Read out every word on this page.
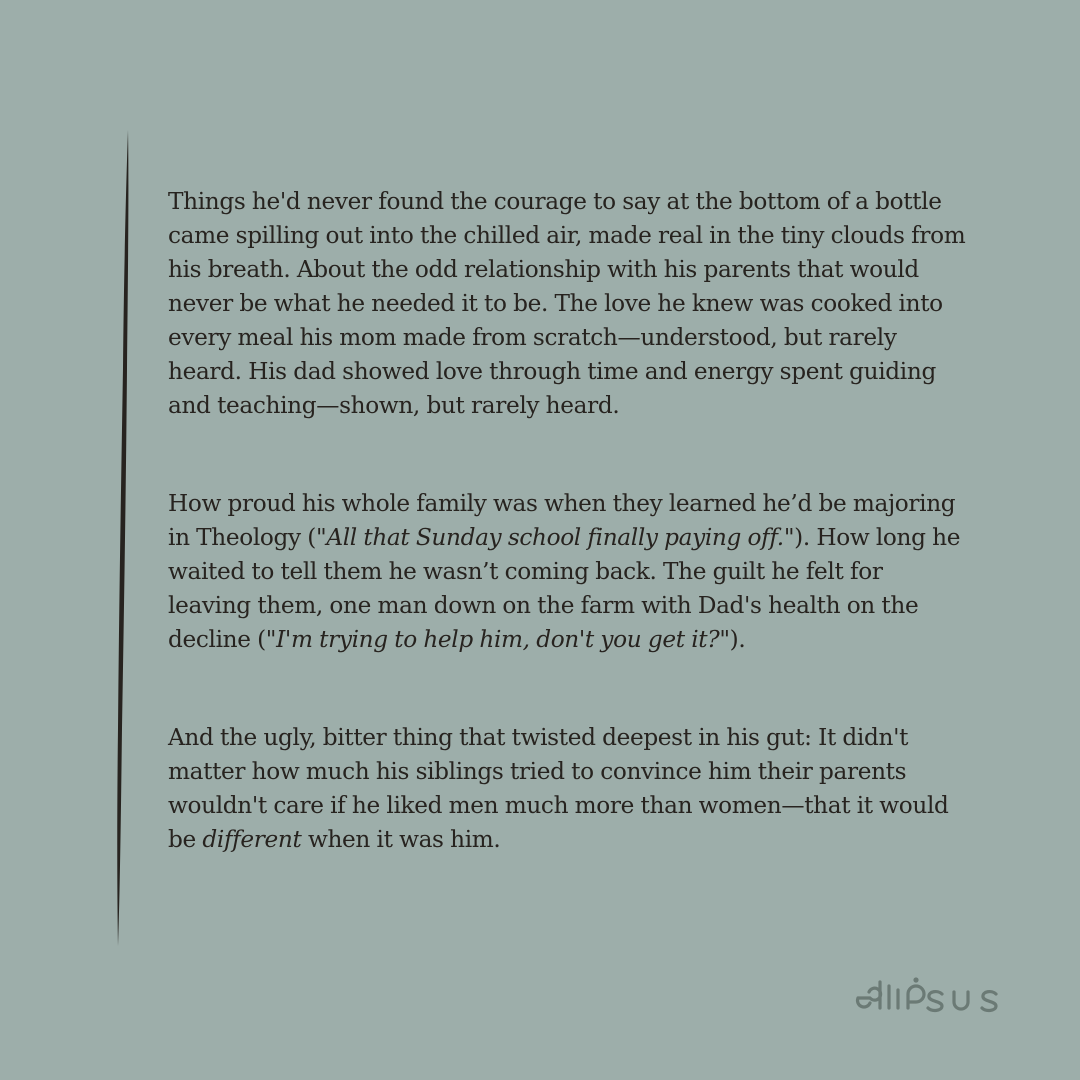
Things he'd never found the courage to say at the bottom of a bottle came spilling out into the chilled air, made real in the tiny clouds from his breath. About the odd relationship with his parents that would never be what he needed it to be. The love he knew was cooked into every meal his mom made from scratch—understood, but rarely heard. His dad showed love through time and energy spent guiding and teaching—shown, but rarely heard.

How proud his whole family was when they learned he’d be majoring in Theology ("All that Sunday school finally paying off."). How long he waited to tell them he wasn’t coming back. The guilt he felt for leaving them, one man down on the farm with Dad's health on the decline ("I'm trying to help him, don't you get it?").

And the ugly, bitter thing that twisted deepest in his gut: It didn't matter how much his siblings tried to convince him their parents wouldn't care if he liked men much more than women—that it would be different when it was him.
